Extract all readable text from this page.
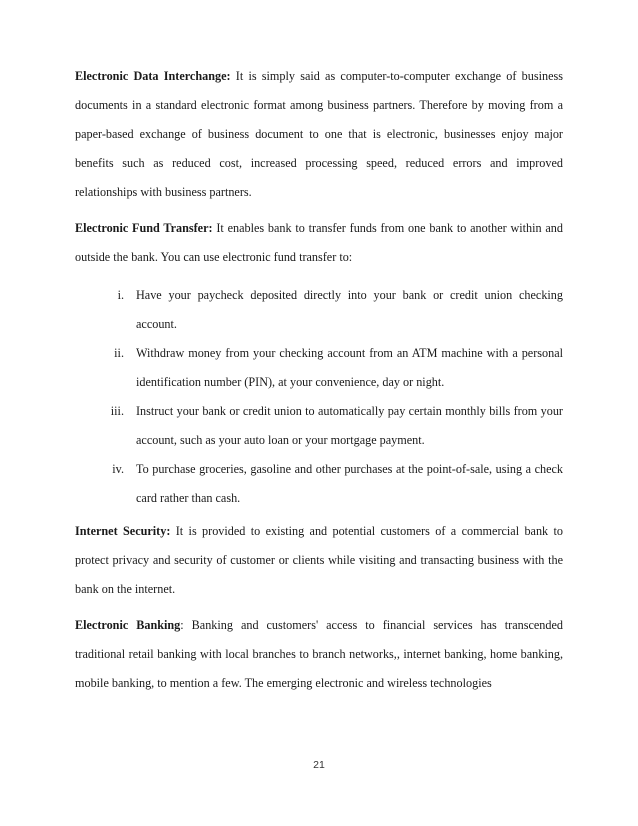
Electronic Data Interchange: It is simply said as computer-to-computer exchange of business documents in a standard electronic format among business partners. Therefore by moving from a paper-based exchange of business document to one that is electronic, businesses enjoy major benefits such as reduced cost, increased processing speed, reduced errors and improved relationships with business partners.

Electronic Fund Transfer: It enables bank to transfer funds from one bank to another within and outside the bank. You can use electronic fund transfer to:

i. Have your paycheck deposited directly into your bank or credit union checking account.
ii. Withdraw money from your checking account from an ATM machine with a personal identification number (PIN), at your convenience, day or night.
iii. Instruct your bank or credit union to automatically pay certain monthly bills from your account, such as your auto loan or your mortgage payment.
iv. To purchase groceries, gasoline and other purchases at the point-of-sale, using a check card rather than cash.

Internet Security: It is provided to existing and potential customers of a commercial bank to protect privacy and security of customer or clients while visiting and transacting business with the bank on the internet.

Electronic Banking: Banking and customers' access to financial services has transcended traditional retail banking with local branches to branch networks,, internet banking, home banking, mobile banking, to mention a few. The emerging electronic and wireless technologies

21
